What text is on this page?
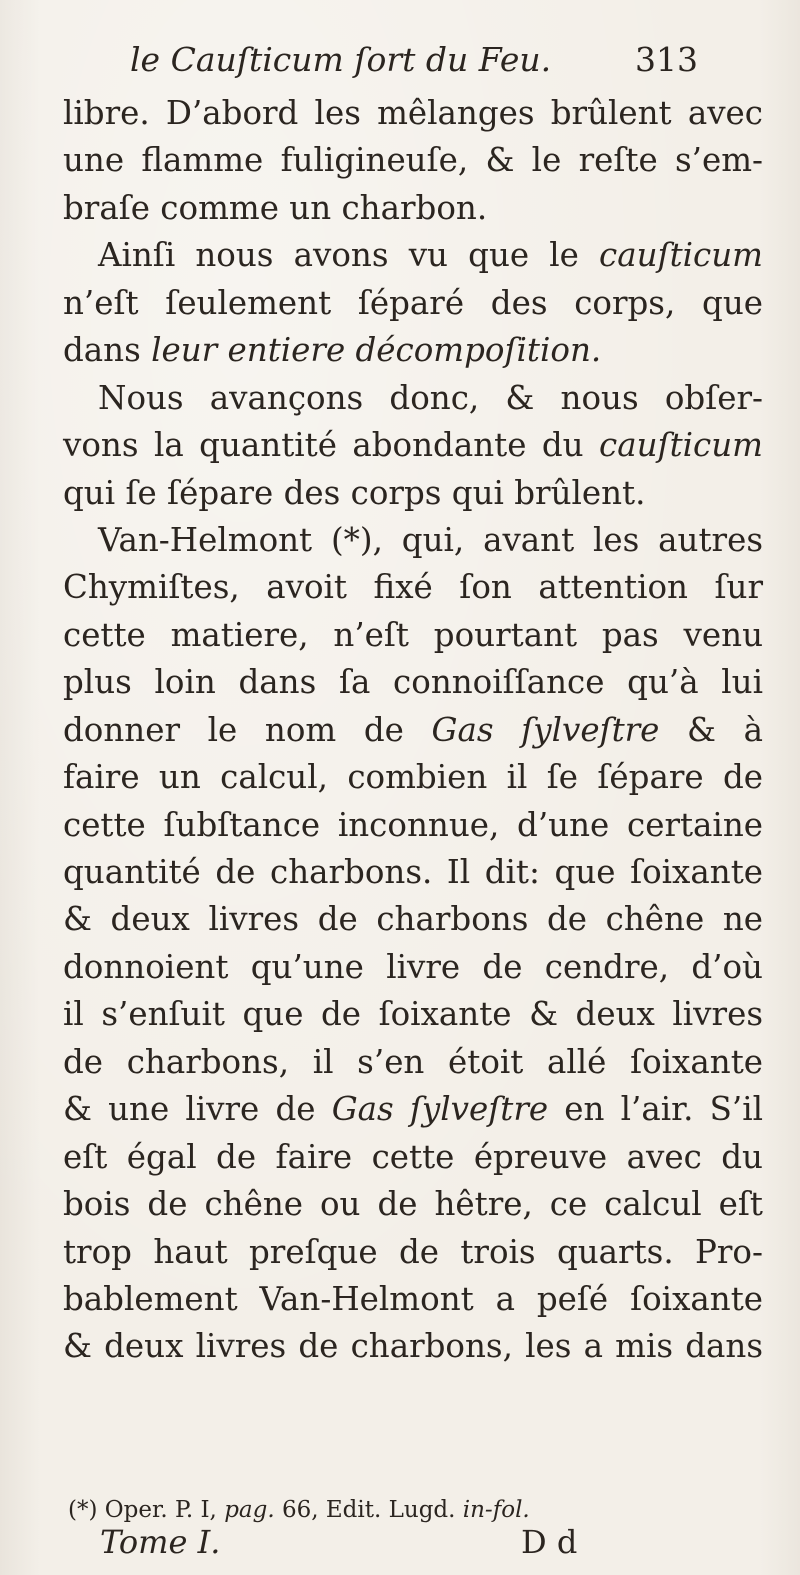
le Cauſticum ſort du Feu.	313
libre. D’abord les mêlanges brûlent avec
une flamme fuligineuſe, & le reſte s’em-
braſe comme un charbon.
Ainſi nous avons vu que le cauſticum
n’eſt ſeulement ſéparé des corps, que
dans leur entiere décompoſition.
Nous avançons donc, & nous obſer-
vons la quantité abondante du cauſticum
qui ſe ſépare des corps qui brûlent.
Van-Helmont (*), qui, avant les autres
Chymiſtes, avoit fixé ſon attention ſur
cette matiere, n’eſt pourtant pas venu
plus loin dans ſa connoiſſance qu’à lui
donner le nom de Gas ſylveſtre & à
faire un calcul, combien il ſe ſépare de
cette ſubſtance inconnue, d’une certaine
quantité de charbons. Il dit: que ſoixante
& deux livres de charbons de chêne ne
donnoient qu’une livre de cendre, d’où
il s’enſuit que de ſoixante & deux livres
de charbons, il s’en étoit allé ſoixante
& une livre de Gas ſylveſtre en l’air. S’il
eſt égal de faire cette épreuve avec du
bois de chêne ou de hêtre, ce calcul eſt
trop haut preſque de trois quarts. Pro-
bablement Van-Helmont a peſé ſoixante
& deux livres de charbons, les a mis dans
(*) Oper. P. I, pag. 66, Edit. Lugd. in-fol.
Tome I.	D d
